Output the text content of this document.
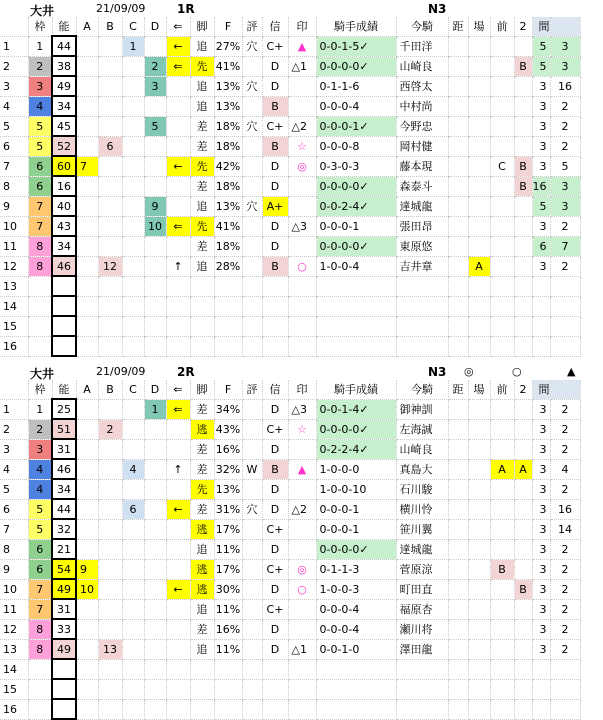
大井	21/09/09	1R	N3
	枠	能	A	B	C	D	⇐	脚	F	評	信	印	騎手成績	今騎	距	場	前	2	間	
1	1	44			1		←	追	27%	穴	C+	▲	0-0-1-5✓	千田洋					5	3
2	2	38				2	⇐	先	41%		D	△1	0-0-0-0✓	山崎良				B	5	3
3	3	49				3		追	13%	穴	D		0-1-1-6	西啓太					3	16
4	4	34						追	13%		B		0-0-0-4	中村尚					3	2
5	5	45				5		差	18%	穴	C+	△2	0-0-0-1✓	今野忠					3	2
6	5	52		6				差	18%		B	☆	0-0-0-8	岡村健					3	2
7	6	60	7				←	先	42%		D	◎	0-3-0-3	藤本現			C	B	3	5
8	6	16						差	18%		D		0-0-0-0✓	森泰斗				B	16	3
9	7	40				9		追	13%	穴	A+		0-0-2-4✓	達城龍					5	3
10	7	43				10	⇐	先	41%		D	△3	0-0-0-1	張田昂					3	2
11	8	34						差	18%		D		0-0-0-0✓	東原悠					6	7
12	8	46		12			↑	追	28%		B	○	1-0-0-4	吉井章		A			3	2
13																				
14																				
15																				
16																				
大井	21/09/09	2R	N3 ◎	○	▲
	枠	能	A	B	C	D	⇐	脚	F	評	信	印	騎手成績	今騎	距	場	前	2	間	
1	1	25				1	⇐	差	34%		D	△3	0-0-1-4✓	御神訓					3	2
2	2	51		2				逃	43%		C+	☆	0-0-0-0✓	左海誠					3	2
3	3	31						差	16%		D		0-2-2-4✓	山崎良					3	2
4	4	46			4		↑	差	32%	W	B	▲	1-0-0-0	真島大			A	A	3	4
5	4	34						先	13%		D		1-0-0-10	石川駿					3	2
6	5	44			6		←	差	31%	穴	D	△2	0-0-0-1	横川怜					3	16
7	5	32						逃	17%		C+		0-0-0-1	笹川翼					3	14
8	6	21						追	11%		D		0-0-0-0✓	達城龍					3	2
9	6	54	9					逃	17%		C+	◎	0-1-1-3	菅原涼			B		3	2
10	7	49	10				←	逃	30%		D	○	1-0-0-3	町田直				B	3	2
11	7	31						追	11%		C+		0-0-0-4	福原杏					3	2
12	8	33						差	16%		D		0-0-0-4	瀬川将					3	2
13	8	49		13				追	11%		D	△1	0-0-1-0	澤田龍					3	2
14																				
15																				
16																				
